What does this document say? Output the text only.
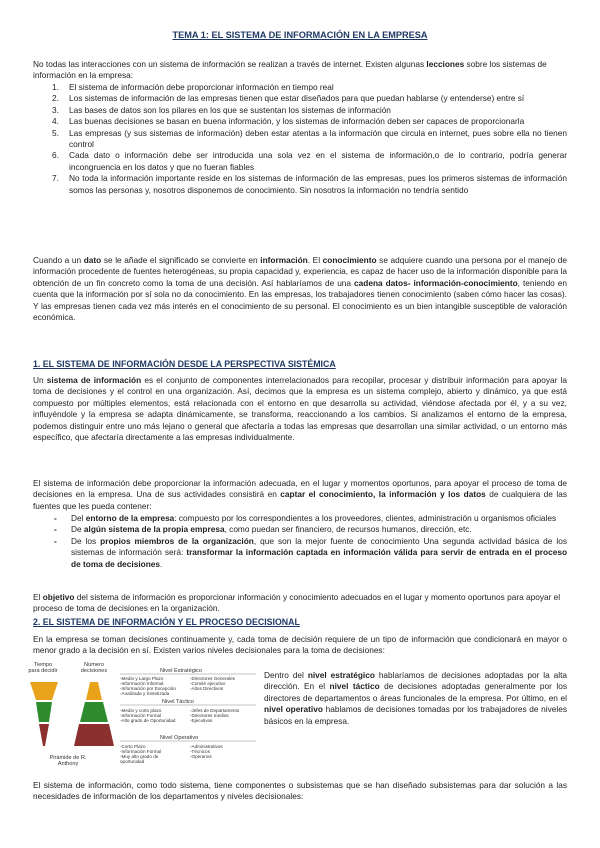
TEMA 1: EL SISTEMA DE INFORMACIÓN EN LA EMPRESA

No todas las interacciones con un sistema de información se realizan a través de internet. Existen algunas lecciones sobre los sistemas de información en la empresa:

1. El sistema de información debe proporcionar información en tiempo real
2. Los sistemas de información de las empresas tienen que estar diseñados para que puedan hablarse (y entenderse) entre sí
3. Las bases de datos son los pilares en los que se sustentan los sistemas de información
4. Las buenas decisiones se basan en buena información, y los sistemas de información deben ser capaces de proporcionarla
5. Las empresas (y sus sistemas de información) deben estar atentas a la información que circula en internet, pues sobre ella no tienen control
6. Cada dato o información debe ser introducida una sola vez en el sistema de información,o de lo contrario, podría generar incongruencia en los datos y que no fueran fiables
7. No toda la información importante reside en los sistemas de información de las empresas, pues los primeros sistemas de información somos las personas y, nosotros disponemos de conocimiento. Sin nosotros la información no tendría sentido

Cuando a un dato se le añade el significado se convierte en información. El conocimiento se adquiere cuando una persona por el manejo de información procedente de fuentes heterogéneas, su propia capacidad y, experiencia, es capaz de hacer uso de la información disponible para la obtención de un fin concreto como la toma de una decisión. Así hablaríamos de una cadena datos- información-conocimiento, teniendo en cuenta que la información por sí sola no da conocimiento. En las empresas, los trabajadores tienen conocimiento (saben cómo hacer las cosas). Y las empresas tienen cada vez más interés en el conocimiento de su personal. El conocimiento es un bien intangible susceptible de valoración económica.

1. EL SISTEMA DE INFORMACIÓN DESDE LA PERSPECTIVA SISTÉMICA

Un sistema de información es el conjunto de componentes interrelacionados para recopilar, procesar y distribuir información para apoyar la toma de decisiones y el control en una organización. Así, decimos que la empresa es un sistema complejo, abierto y dinámico, ya que está compuesto por múltiples elementos, está relacionada con el entorno en que desarrolla su actividad, viéndose afectada por él, y a su vez, influyéndole y la empresa se adapta dinámicamente, se transforma, reaccionando a los cambios. Si analizamos el entorno de la empresa, podemos distinguir entre uno más lejano o general que afectaría a todas las empresas que desarrollan una similar actividad, o un entorno más específico, que afectaría directamente a las empresas individualmente.

El sistema de información debe proporcionar la información adecuada, en el lugar y momentos oportunos, para apoyar el proceso de toma de decisiones en la empresa. Una de sus actividades consistirá en captar el conocimiento, la información y los datos de cualquiera de las fuentes que les pueda contener:

- Del entorno de la empresa: compuesto por los correspondientes a los proveedores, clientes, administración u organismos oficiales
- De algún sistema de la propia empresa, como puedan ser financiero, de recursos humanos, dirección, etc.
- De los propios miembros de la organización, que son la mejor fuente de conocimiento Una segunda actividad básica de los sistemas de información será: transformar la información captada en información válida para servir de entrada en el proceso de toma de decisiones.

El objetivo del sistema de información es proporcionar información y conocimiento adecuados en el lugar y momento oportunos para apoyar el proceso de toma de decisiones en la organización.

2. EL SISTEMA DE INFORMACIÓN Y EL PROCESO DECISIONAL

En la empresa se toman decisiones continuamente y, cada toma de decisión requiere de un tipo de información que condicionará en mayor o menor grado a la decisión en sí. Existen varios niveles decisionales para la toma de decisiones:

Tiempo
para decidir
Número
decisiones
Pirámide de R.
Anthony
Nivel Estratégico
-Medio y Largo Plazo
-Información Informal
-Información por Excepción
-Analizada y Sintetizada
-Directores Generales
-Comité ejecutivo
-Altos Directivos
Nivel Táctico
-Medio y corto plazo
-Información Formal
-Alto grado de Oportunidad
-Jefes de Departamento
-Directores medios
-Ejecutivos
Nivel Operativo
-Corto Plazo
-Información Formal
-Muy alto grado de
oportunidad
-Administrativos
-Técnicos
-Operarios

Dentro del nivel estratégico hablaríamos de decisiones adoptadas por la alta dirección. En el nivel táctico de decisiones adoptadas generalmente por los directores de departamentos o áreas funcionales de la empresa. Por último, en el nivel operativo hablamos de decisiones tomadas por los trabajadores de niveles básicos en la empresa.

El sistema de información, como todo sistema, tiene componentes o subsistemas que se han diseñado subsistemas para dar solución a las necesidades de información de los departamentos y niveles decisionales:
